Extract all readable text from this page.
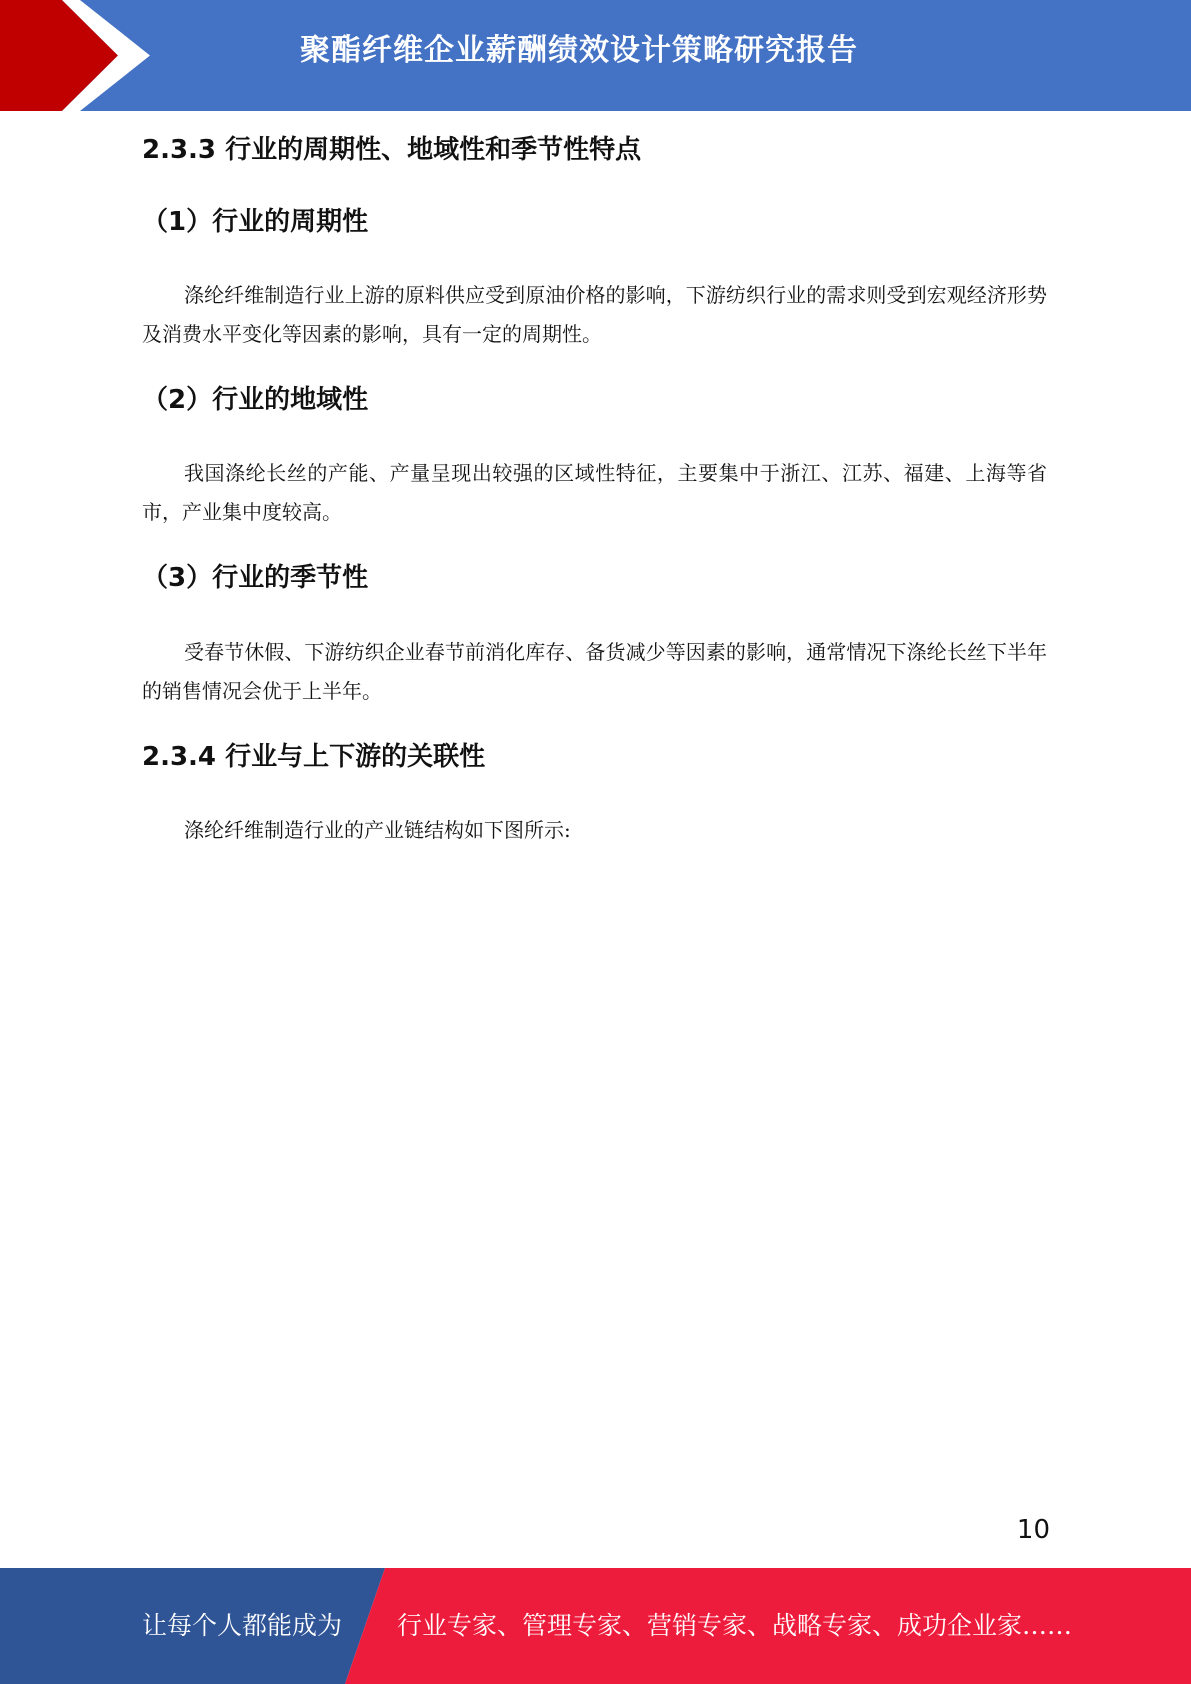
聚酯纤维企业薪酬绩效设计策略研究报告
2.3.3 行业的周期性、地域性和季节性特点
（1）行业的周期性

涤纶纤维制造行业上游的原料供应受到原油价格的影响，下游纺织行业的需求则受到宏观经济形势及消费水平变化等因素的影响，具有一定的周期性。

（2）行业的地域性

我国涤纶长丝的产能、产量呈现出较强的区域性特征，主要集中于浙江、江苏、福建、上海等省市，产业集中度较高。

（3）行业的季节性

受春节休假、下游纺织企业春节前消化库存、备货减少等因素的影响，通常情况下涤纶长丝下半年的销售情况会优于上半年。

2.3.4 行业与上下游的关联性

涤纶纤维制造行业的产业链结构如下图所示:

10
让每个人都能成为 行业专家、管理专家、营销专家、战略专家、成功企业家……
